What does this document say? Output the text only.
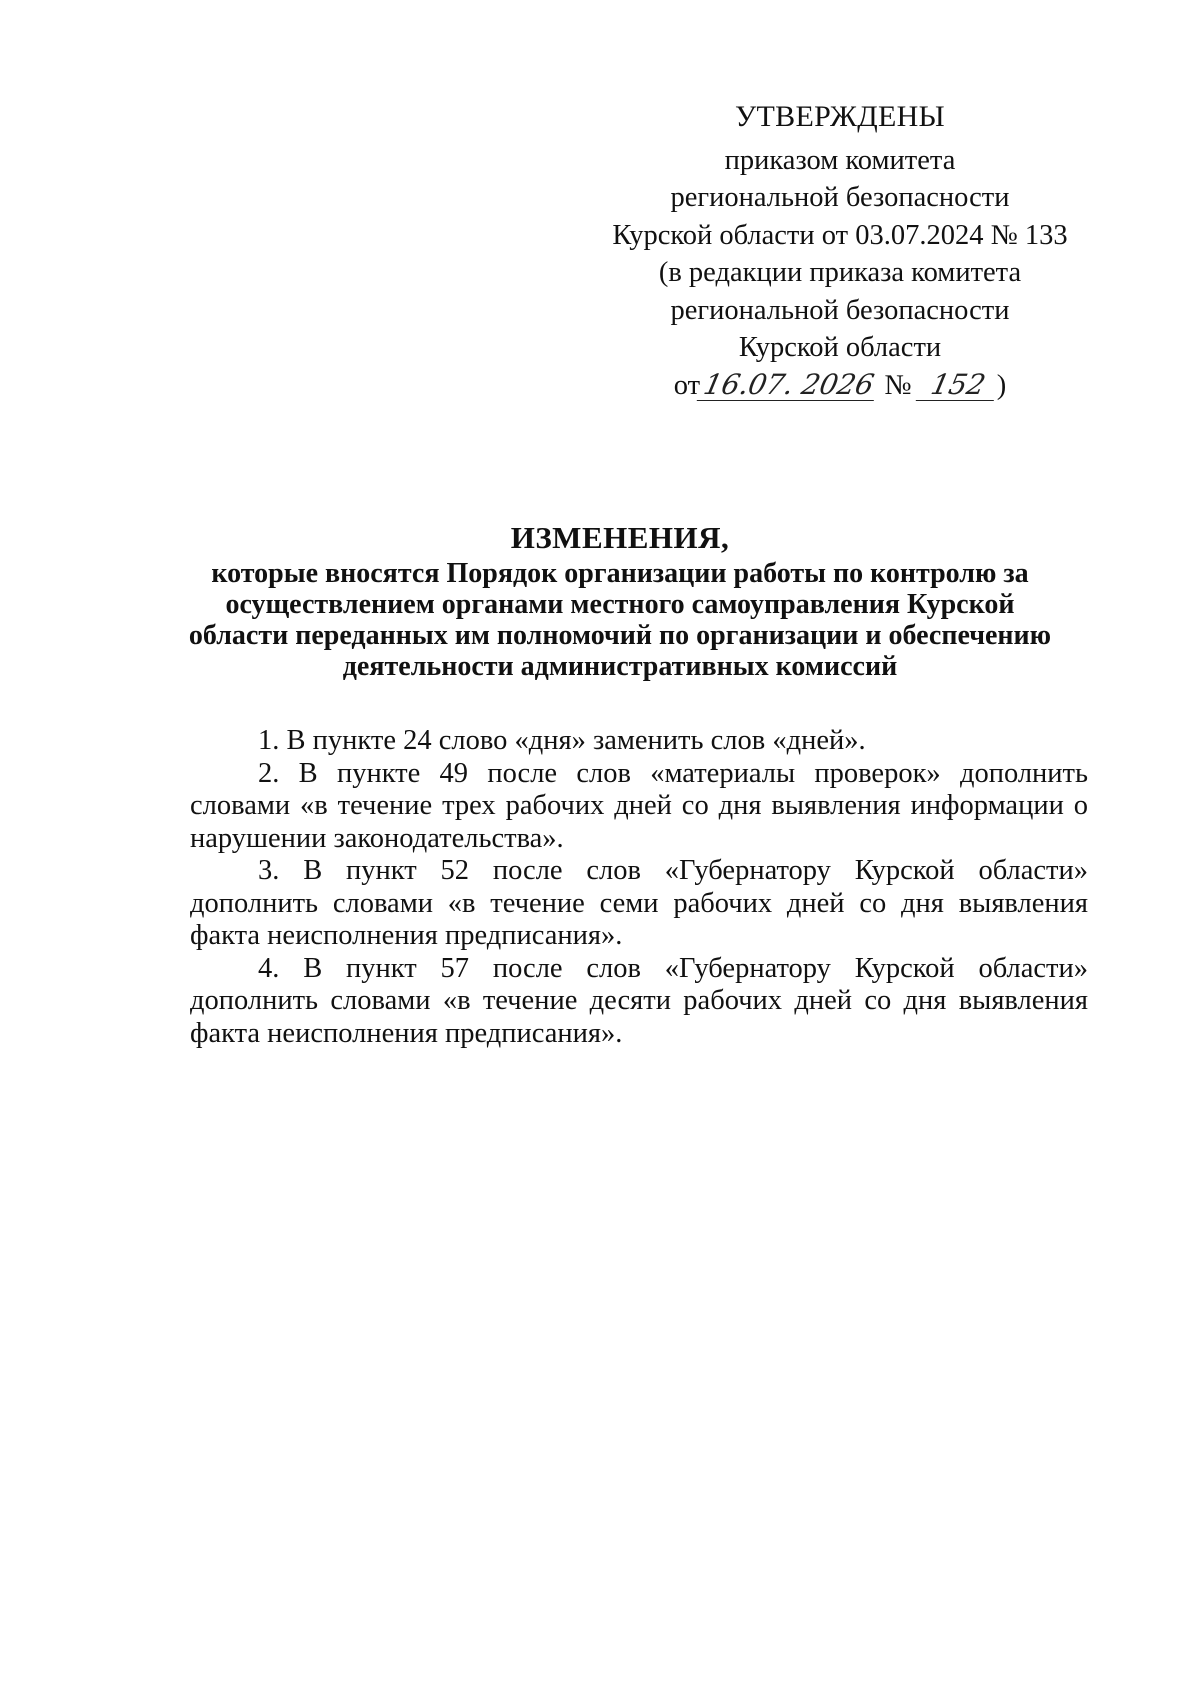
УТВЕРЖДЕНЫ
приказом комитета
региональной безопасности
Курской области от 03.07.2024 № 133
(в редакции приказа комитета
региональной безопасности
Курской области
от16.07. 2026 № 152 )
ИЗМЕНЕНИЯ,
которые вносятся Порядок организации работы по контролю за
осуществлением органами местного самоуправления Курской
области переданных им полномочий по организации и обеспечению
деятельности административных комиссий

1. В пункте 24 слово «дня» заменить слов «дней».

2. В пункте 49 после слов «материалы проверок» дополнить словами «в течение трех рабочих дней со дня выявления информации о нарушении законодательства».

3. В пункт 52 после слов «Губернатору Курской области» дополнить словами «в течение семи рабочих дней со дня выявления факта неисполнения предписания».

4. В пункт 57 после слов «Губернатору Курской области» дополнить словами «в течение десяти рабочих дней со дня выявления факта неисполнения предписания».
